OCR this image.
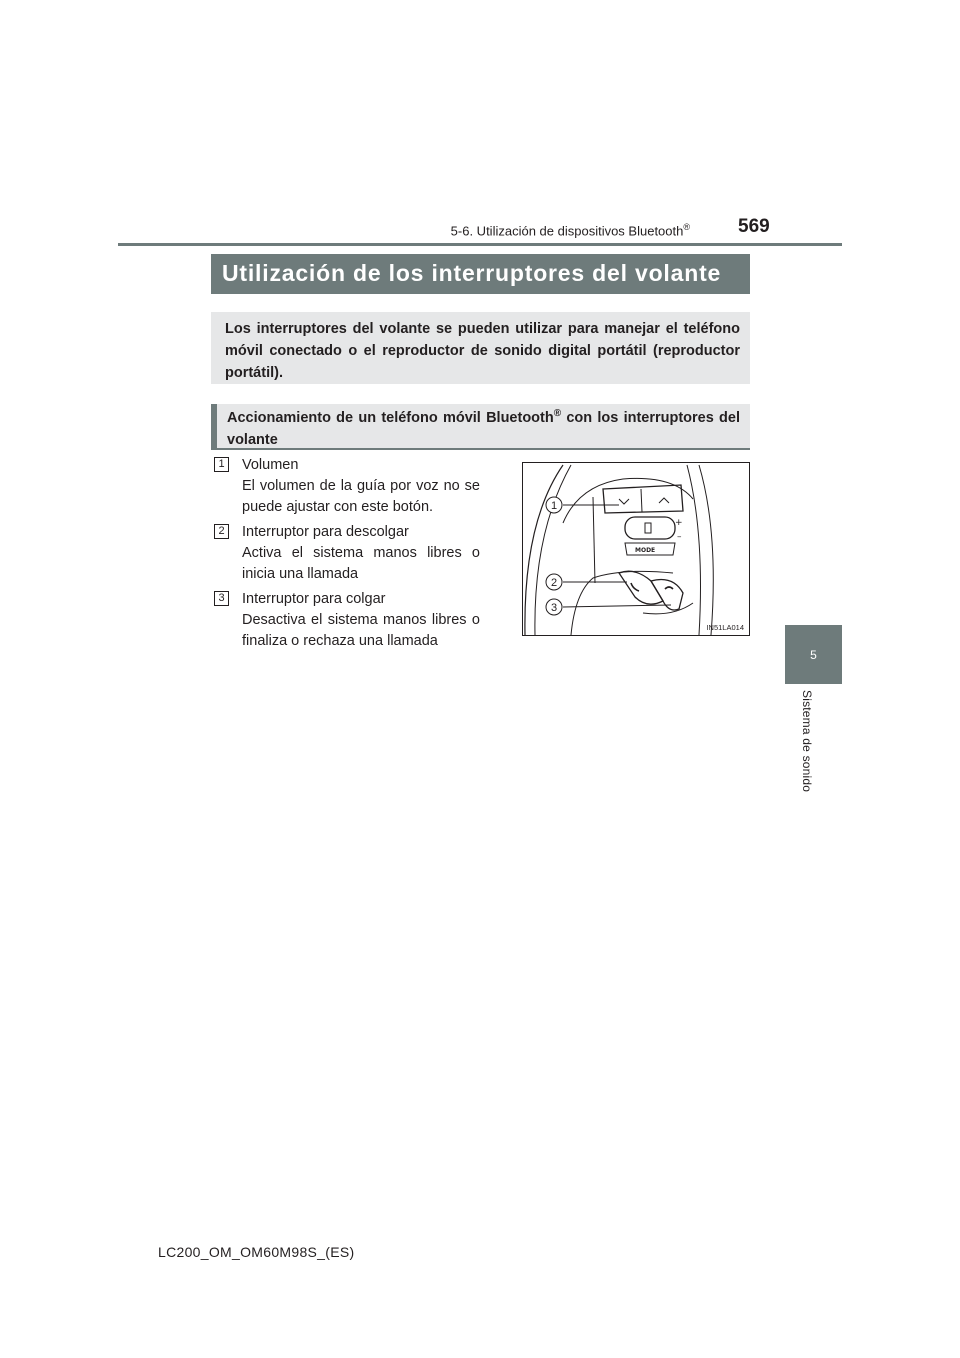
5-6. Utilización de dispositivos Bluetooth®	569
5
Sistema de sonido
Utilización de los interruptores del volante
Los interruptores del volante se pueden utilizar para manejar el teléfono móvil conectado o el reproductor de sonido digital portátil (reproductor portátil).
Accionamiento de un teléfono móvil Bluetooth® con los interruptores del volante
1	Volumen
El volumen de la guía por voz no se puede ajustar con este botón.
2	Interruptor para descolgar
Activa el sistema manos libres o inicia una llamada
3	Interruptor para colgar
Desactiva el sistema manos libres o finaliza o rechaza una llamada
+
–
MODE
1
2
3
IN51LA014
LC200_OM_OM60M98S_(ES)
